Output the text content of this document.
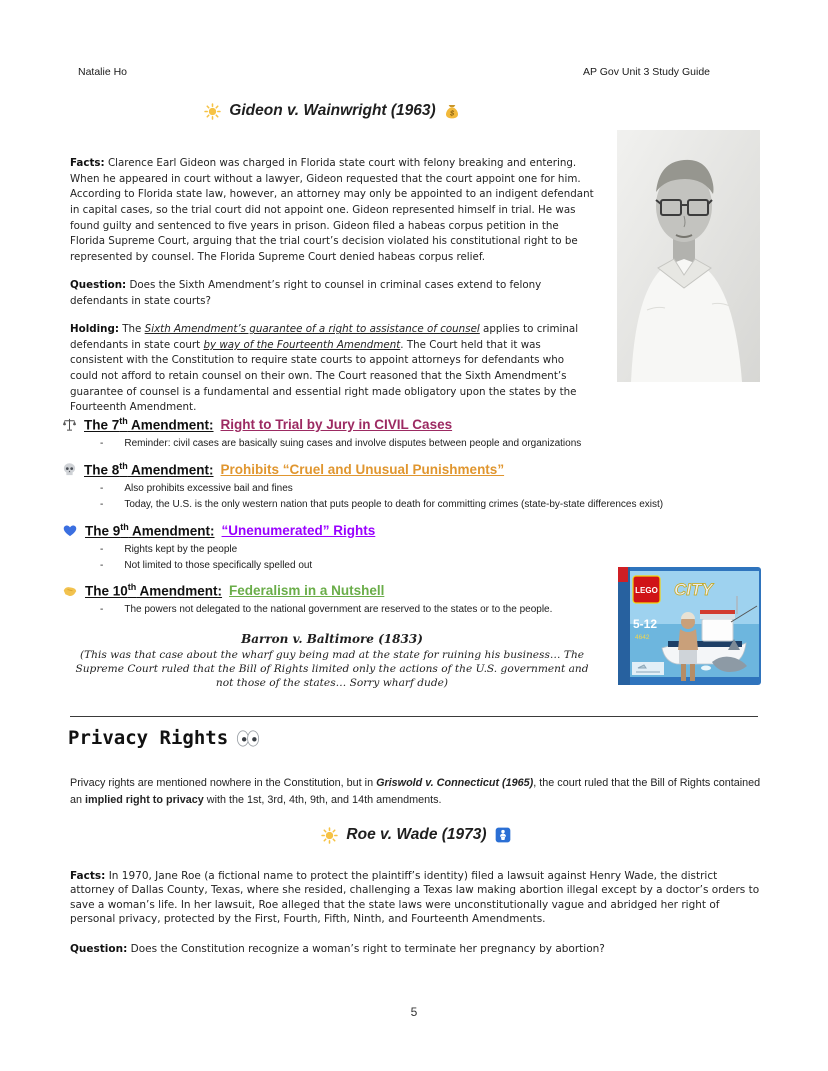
Natalie Ho	AP Gov Unit 3 Study Guide
Gideon v. Wainwright (1963) $

Facts: Clarence Earl Gideon was charged in Florida state court with felony breaking and entering. When he appeared in court without a lawyer, Gideon requested that the court appoint one for him. According to Florida state law, however, an attorney may only be appointed to an indigent defendant in capital cases, so the trial court did not appoint one. Gideon represented himself in trial. He was found guilty and sentenced to five years in prison. Gideon filed a habeas corpus petition in the Florida Supreme Court, arguing that the trial court’s decision violated his constitutional right to be represented by counsel. The Florida Supreme Court denied habeas corpus relief.

Question: Does the Sixth Amendment’s right to counsel in criminal cases extend to felony defendants in state courts?

Holding: The Sixth Amendment’s guarantee of a right to assistance of counsel applies to criminal defendants in state court by way of the Fourteenth Amendment. The Court held that it was consistent with the Constitution to require state courts to appoint attorneys for defendants who could not afford to retain counsel on their own. The Court reasoned that the Sixth Amendment’s guarantee of counsel is a fundamental and essential right made obligatory upon the states by the Fourteenth Amendment.

The 7th Amendment: Right to Trial by Jury in CIVIL Cases
- Reminder: civil cases are basically suing cases and involve disputes between people and organizations
The 8th Amendment: Prohibits “Cruel and Unusual Punishments”
- Also prohibits excessive bail and fines
- Today, the U.S. is the only western nation that puts people to death for committing crimes (state-by-state differences exist)
The 9th Amendment: “Unenumerated” Rights
- Rights kept by the people
- Not limited to those specifically spelled out
The 10th Amendment: Federalism in a Nutshell
- The powers not delegated to the national government are reserved to the states or to the people.
LEGO CITY
5-12
4642
Barron v. Baltimore (1833)
(This was that case about the wharf guy being mad at the state for ruining his business… The Supreme Court ruled that the Bill of Rights limited only the actions of the U.S. government and not those of the states… Sorry wharf dude)
Privacy Rights

Privacy rights are mentioned nowhere in the Constitution, but in Griswold v. Connecticut (1965), the court ruled that the Bill of Rights contained an implied right to privacy with the 1st, 3rd, 4th, 9th, and 14th amendments.

Roe v. Wade (1973)

Facts: In 1970, Jane Roe (a fictional name to protect the plaintiff’s identity) filed a lawsuit against Henry Wade, the district attorney of Dallas County, Texas, where she resided, challenging a Texas law making abortion illegal except by a doctor’s orders to save a woman’s life. In her lawsuit, Roe alleged that the state laws were unconstitutionally vague and abridged her right of personal privacy, protected by the First, Fourth, Fifth, Ninth, and Fourteenth Amendments.

Question: Does the Constitution recognize a woman’s right to terminate her pregnancy by abortion?

5
